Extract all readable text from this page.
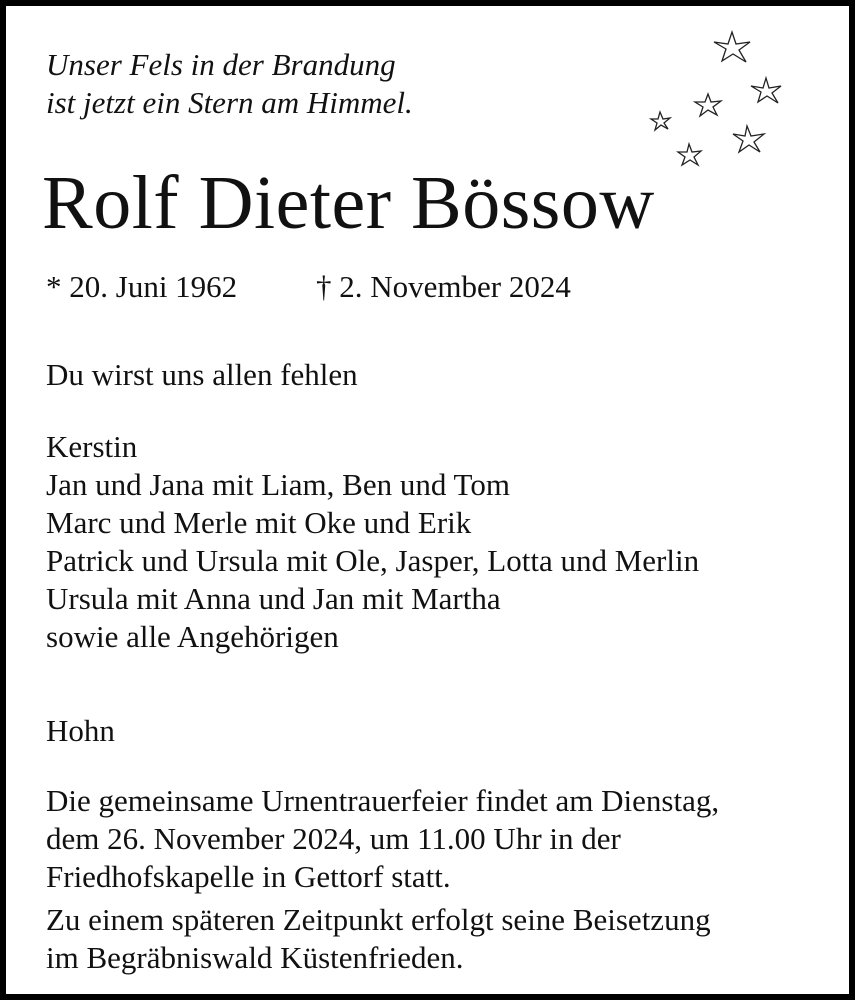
Unser Fels in der Brandung
ist jetzt ein Stern am Himmel.
Rolf Dieter Bössow
* 20. Juni 1962	† 2. November 2024
Du wirst uns allen fehlen
Kerstin
Jan und Jana mit Liam, Ben und Tom
Marc und Merle mit Oke und Erik
Patrick und Ursula mit Ole, Jasper, Lotta und Merlin
Ursula mit Anna und Jan mit Martha
sowie alle Angehörigen
Hohn
Die gemeinsame Urnentrauerfeier findet am Dienstag,
dem 26. November 2024, um 11.00 Uhr in der
Friedhofskapelle in Gettorf statt.
Zu einem späteren Zeitpunkt erfolgt seine Beisetzung
im Begräbniswald Küstenfrieden.
